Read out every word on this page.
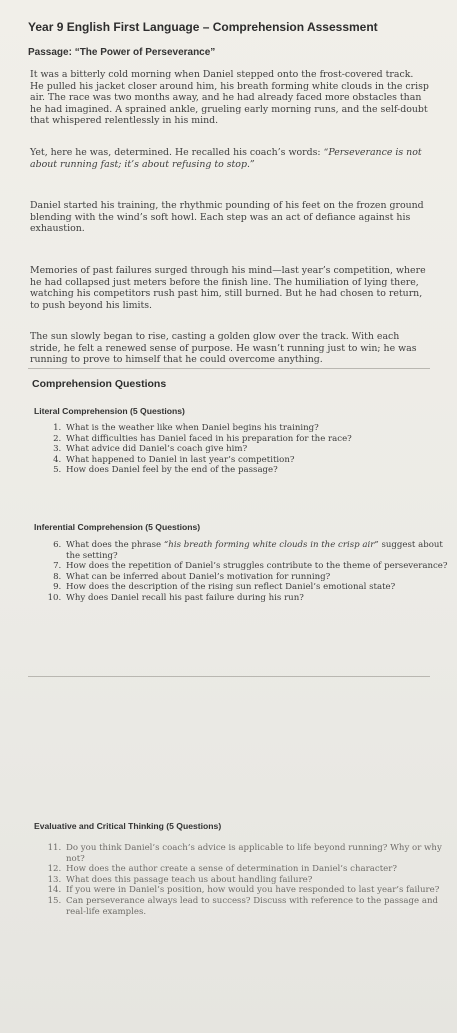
Year 9 English First Language – Comprehension Assessment
Passage: “The Power of Perseverance”
It was a bitterly cold morning when Daniel stepped onto the frost-covered track. He pulled his jacket closer around him, his breath forming white clouds in the crisp air. The race was two months away, and he had already faced more obstacles than he had imagined. A sprained ankle, grueling early morning runs, and the self-doubt that whispered relentlessly in his mind.
Yet, here he was, determined. He recalled his coach’s words: “Perseverance is not about running fast; it’s about refusing to stop.”
Daniel started his training, the rhythmic pounding of his feet on the frozen ground blending with the wind’s soft howl. Each step was an act of defiance against his exhaustion.
Memories of past failures surged through his mind—last year’s competition, where he had collapsed just meters before the finish line. The humiliation of lying there, watching his competitors rush past him, still burned. But he had chosen to return, to push beyond his limits.
The sun slowly began to rise, casting a golden glow over the track. With each stride, he felt a renewed sense of purpose. He wasn’t running just to win; he was running to prove to himself that he could overcome anything.
Comprehension Questions
Literal Comprehension (5 Questions)
1. What is the weather like when Daniel begins his training?
2. What difficulties has Daniel faced in his preparation for the race?
3. What advice did Daniel’s coach give him?
4. What happened to Daniel in last year’s competition?
5. How does Daniel feel by the end of the passage?
Inferential Comprehension (5 Questions)
6. What does the phrase “his breath forming white clouds in the crisp air” suggest about the setting?
7. How does the repetition of Daniel’s struggles contribute to the theme of perseverance?
8. What can be inferred about Daniel’s motivation for running?
9. How does the description of the rising sun reflect Daniel’s emotional state?
10. Why does Daniel recall his past failure during his run?
Evaluative and Critical Thinking (5 Questions)
11. Do you think Daniel’s coach’s advice is applicable to life beyond running? Why or why not?
12. How does the author create a sense of determination in Daniel’s character?
13. What does this passage teach us about handling failure?
14. If you were in Daniel’s position, how would you have responded to last year’s failure?
15. Can perseverance always lead to success? Discuss with reference to the passage and real-life examples.
